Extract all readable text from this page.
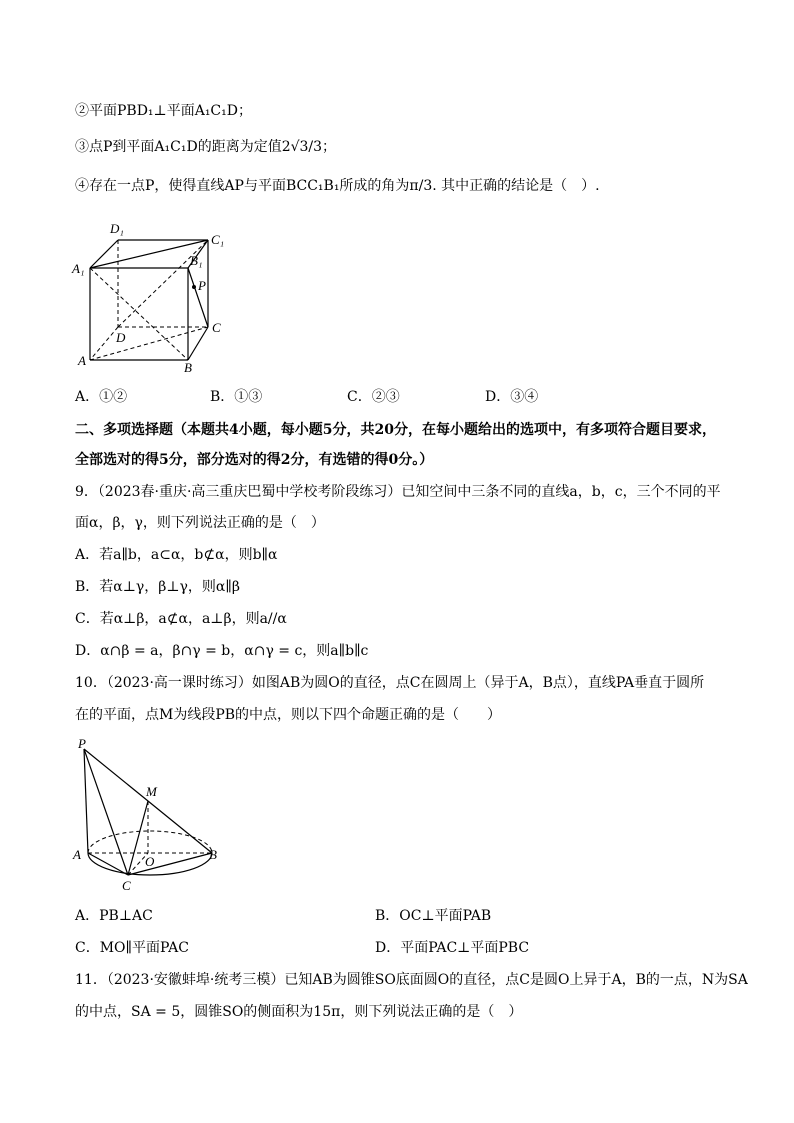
②平面PBD₁⊥平面A₁C₁D；
③点P到平面A₁C₁D的距离为定值2√3/3；
④存在一点P，使得直线AP与平面BCC₁B₁所成的角为π/3. 其中正确的结论是（　）.
D₁
C₁
A₁
B₁
P
C
D
A	B
A．①②	B．①③	C．②③	D．③④
二、多项选择题（本题共4小题，每小题5分，共20分，在每小题给出的选项中，有多项符合题目要求，
全部选对的得5分，部分选对的得2分，有选错的得0分。）
9．（2023春·重庆·高三重庆巴蜀中学校考阶段练习）已知空间中三条不同的直线a，b，c，三个不同的平
面α，β，γ，则下列说法正确的是（　）
A．若a∥b，a⊂α，b⊄α，则b∥α
B．若α⊥γ，β⊥γ，则α∥β
C．若α⊥β，a⊄α，a⊥β，则a//α
D．α∩β = a，β∩γ = b，α∩γ = c，则a∥b∥c
10．（2023·高一课时练习）如图AB为圆O的直径，点C在圆周上（异于A，B点），直线PA垂直于圆所
在的平面，点M为线段PB的中点，则以下四个命题正确的是（　　）
P
M
A	O	B
C
A．PB⊥AC	B．OC⊥平面PAB
C．MO∥平面PAC	D．平面PAC⊥平面PBC
11．（2023·安徽蚌埠·统考三模）已知AB为圆锥SO底面圆O的直径，点C是圆O上异于A，B的一点，N为SA
的中点，SA = 5，圆锥SO的侧面积为15π，则下列说法正确的是（　）
